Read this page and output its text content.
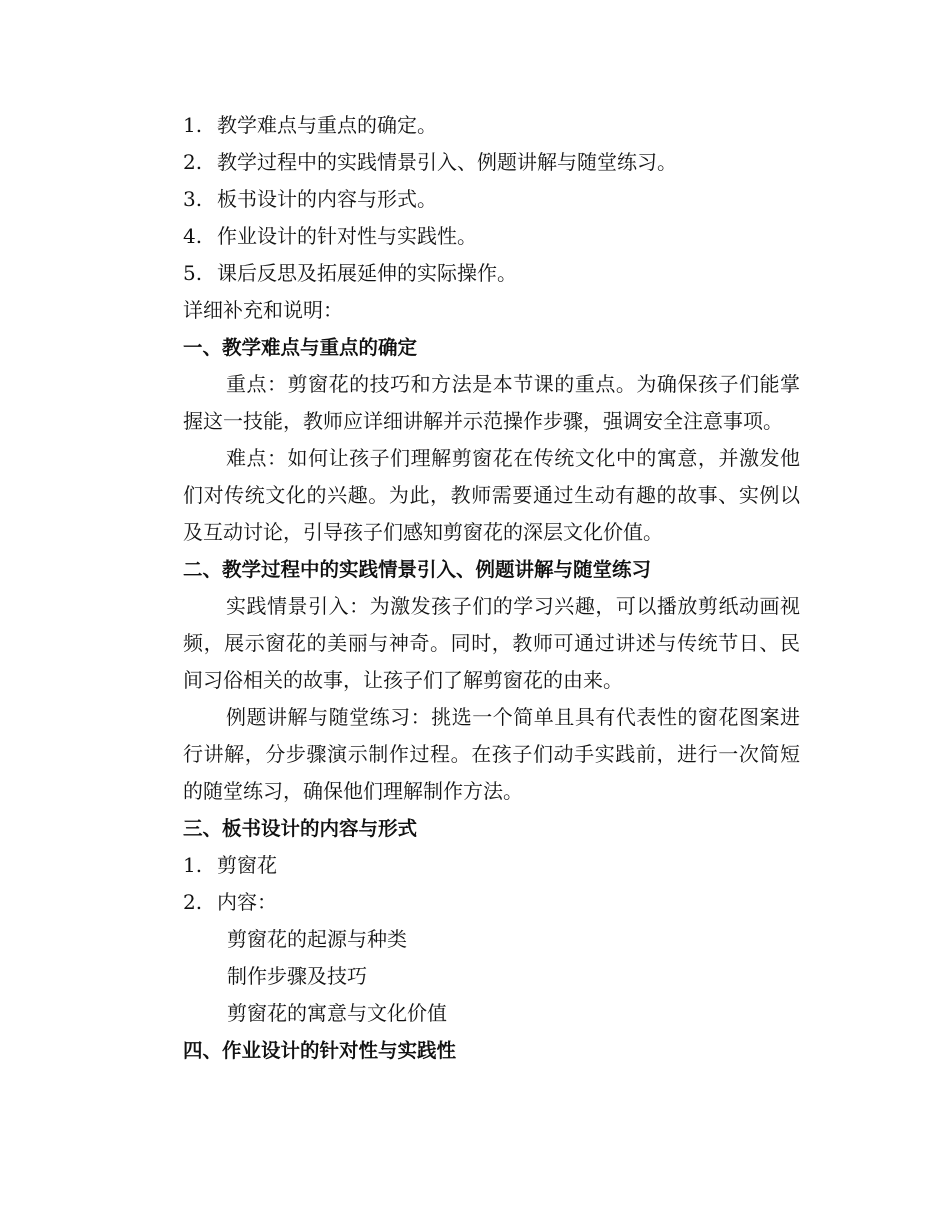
1. 教学难点与重点的确定。
2. 教学过程中的实践情景引入、例题讲解与随堂练习。
3. 板书设计的内容与形式。
4. 作业设计的针对性与实践性。
5. 课后反思及拓展延伸的实际操作。
详细补充和说明：
一、教学难点与重点的确定
重点：剪窗花的技巧和方法是本节课的重点。为确保孩子们能掌
握这一技能，教师应详细讲解并示范操作步骤，强调安全注意事项。
难点：如何让孩子们理解剪窗花在传统文化中的寓意，并激发他
们对传统文化的兴趣。为此，教师需要通过生动有趣的故事、实例以
及互动讨论，引导孩子们感知剪窗花的深层文化价值。
二、教学过程中的实践情景引入、例题讲解与随堂练习
实践情景引入：为激发孩子们的学习兴趣，可以播放剪纸动画视
频，展示窗花的美丽与神奇。同时，教师可通过讲述与传统节日、民
间习俗相关的故事，让孩子们了解剪窗花的由来。
例题讲解与随堂练习：挑选一个简单且具有代表性的窗花图案进
行讲解，分步骤演示制作过程。在孩子们动手实践前，进行一次简短
的随堂练习，确保他们理解制作方法。
三、板书设计的内容与形式
1. 剪窗花
2. 内容：
剪窗花的起源与种类
制作步骤及技巧
剪窗花的寓意与文化价值
四、作业设计的针对性与实践性
